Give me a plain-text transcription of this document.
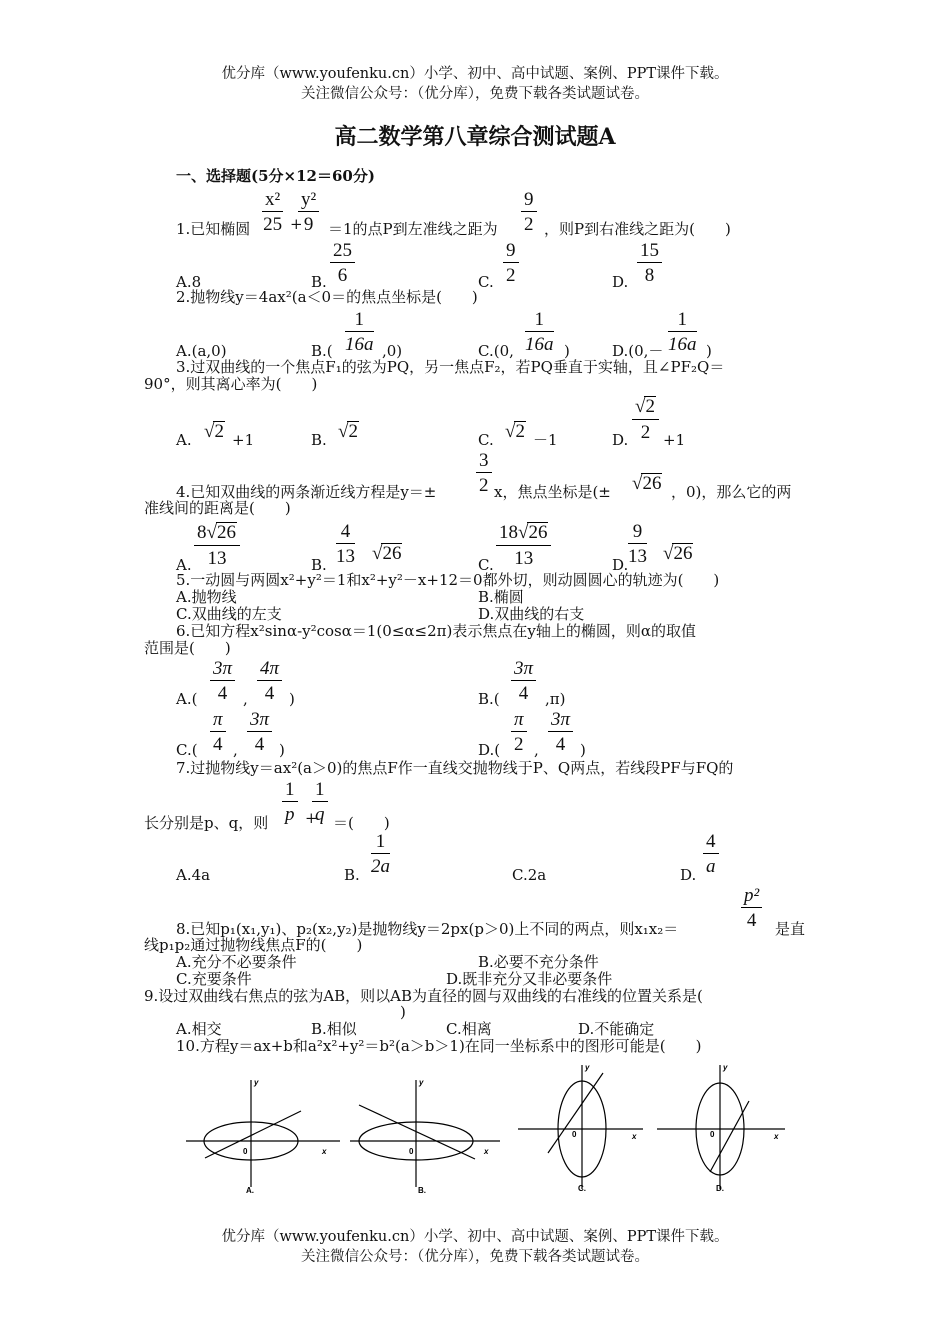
优分库（www.youfenku.cn）小学、初中、高中试题、案例、PPT课件下载。
关注微信公众号：（优分库），免费下载各类试题试卷。
高二数学第八章综合测试题A
一、选择题(5分×12＝60分)
$\frac{\text{x²}}{25}$ +
$\frac{\text{y²}}{9}$
1.已知椭圆	＝1的点P到左准线之距为 $\frac{9}{2}$ ，则P到右准线之距为(　　)
A.8	B. $\frac{25}{6}$	C. $\frac{9}{2}$	D. $\frac{15}{8}$
2.抛物线y＝4ax²(a＜0＝的焦点坐标是(　　)
A.(a,0)	$B.( \frac{1}{16a} ,0)$	C.(0, $\frac{1}{16a}$ )	$D.(0,- \frac{1}{16a}$ )
3.过双曲线的一个焦点F₁的弦为PQ，另一焦点F₂，若PQ垂直于实轴，且∠PF₂Q＝
90°，则其离心率为(　　)
A. √2 +1	B. √2	C. √2 －1	D. $\frac{√2}{2} +1$
4.已知双曲线的两条渐近线方程是$y=\pm \frac{3}{2}$ x，焦点坐标是(± √26 ，0)，那么它的两
准线间的距离是(　　)
A. $\frac{8√26}{13}$	B. $\frac{4}{13} √26$
C. $\frac{18√26}{13}$	D. $\frac{9}{13} √26$
5.一动圆与两圆x²+y²＝1和x²+y²－x+12＝0都外切，则动圆圆心的轨迹为(　　)
A.抛物线	B.椭圆
C.双曲线的左支	D.双曲线的右支
6.已知方程x²sinα-y²cosα＝1(0≤α≤2π)表示焦点在y轴上的椭圆，则α的取值
范围是(　　)
$A.( \frac{3\pi}{4}$ , $\frac{4\pi}{4}$ )	$B.( \frac{3\pi}{4} ,\pi)$
$C.( \frac{\pi}{4}$ , $\frac{3\pi}{4}$ )	$D.( \frac{\pi}{2}$ , $\frac{3\pi}{4}$ )
7.过抛物线y＝ax²(a＞0)的焦点F作一直线交抛物线于P、Q两点，若线段PF与FQ的
长分别是p、q，则 $\frac{1}{p}$ +
$\frac{1}{q}$ ＝(　　)
A.4a	B. $\frac{1}{2a}$	C.2a	D. $\frac{4}{a}$
8.已知p₁(x₁,y₁)、p₂(x₂,y₂)是抛物线y＝2px(p＞0)上不同的两点，则x₁x₂＝	$\frac{\text{p²}}{4}$ 是直
线p₁p₂通过抛物线焦点F的(　　)
A.充分不必要条件	B.必要不充分条件
C.充要条件	D.既非充分又非必要条件
9.设过双曲线右焦点的弦为AB，则以AB为直径的圆与双曲线的右准线的位置关系是(
)
A.相交	B.相似	C.相离	D.不能确定
10.方程y＝ax+b和a²x²+y²＝b²(a＞b＞1)在同一坐标系中的图形可能是(　　)
y
x
0
y
x
0
y
x
0
y
x
0
A.	B.	C.	D.
优分库（www.youfenku.cn）小学、初中、高中试题、案例、PPT课件下载。
关注微信公众号：（优分库），免费下载各类试题试卷。
